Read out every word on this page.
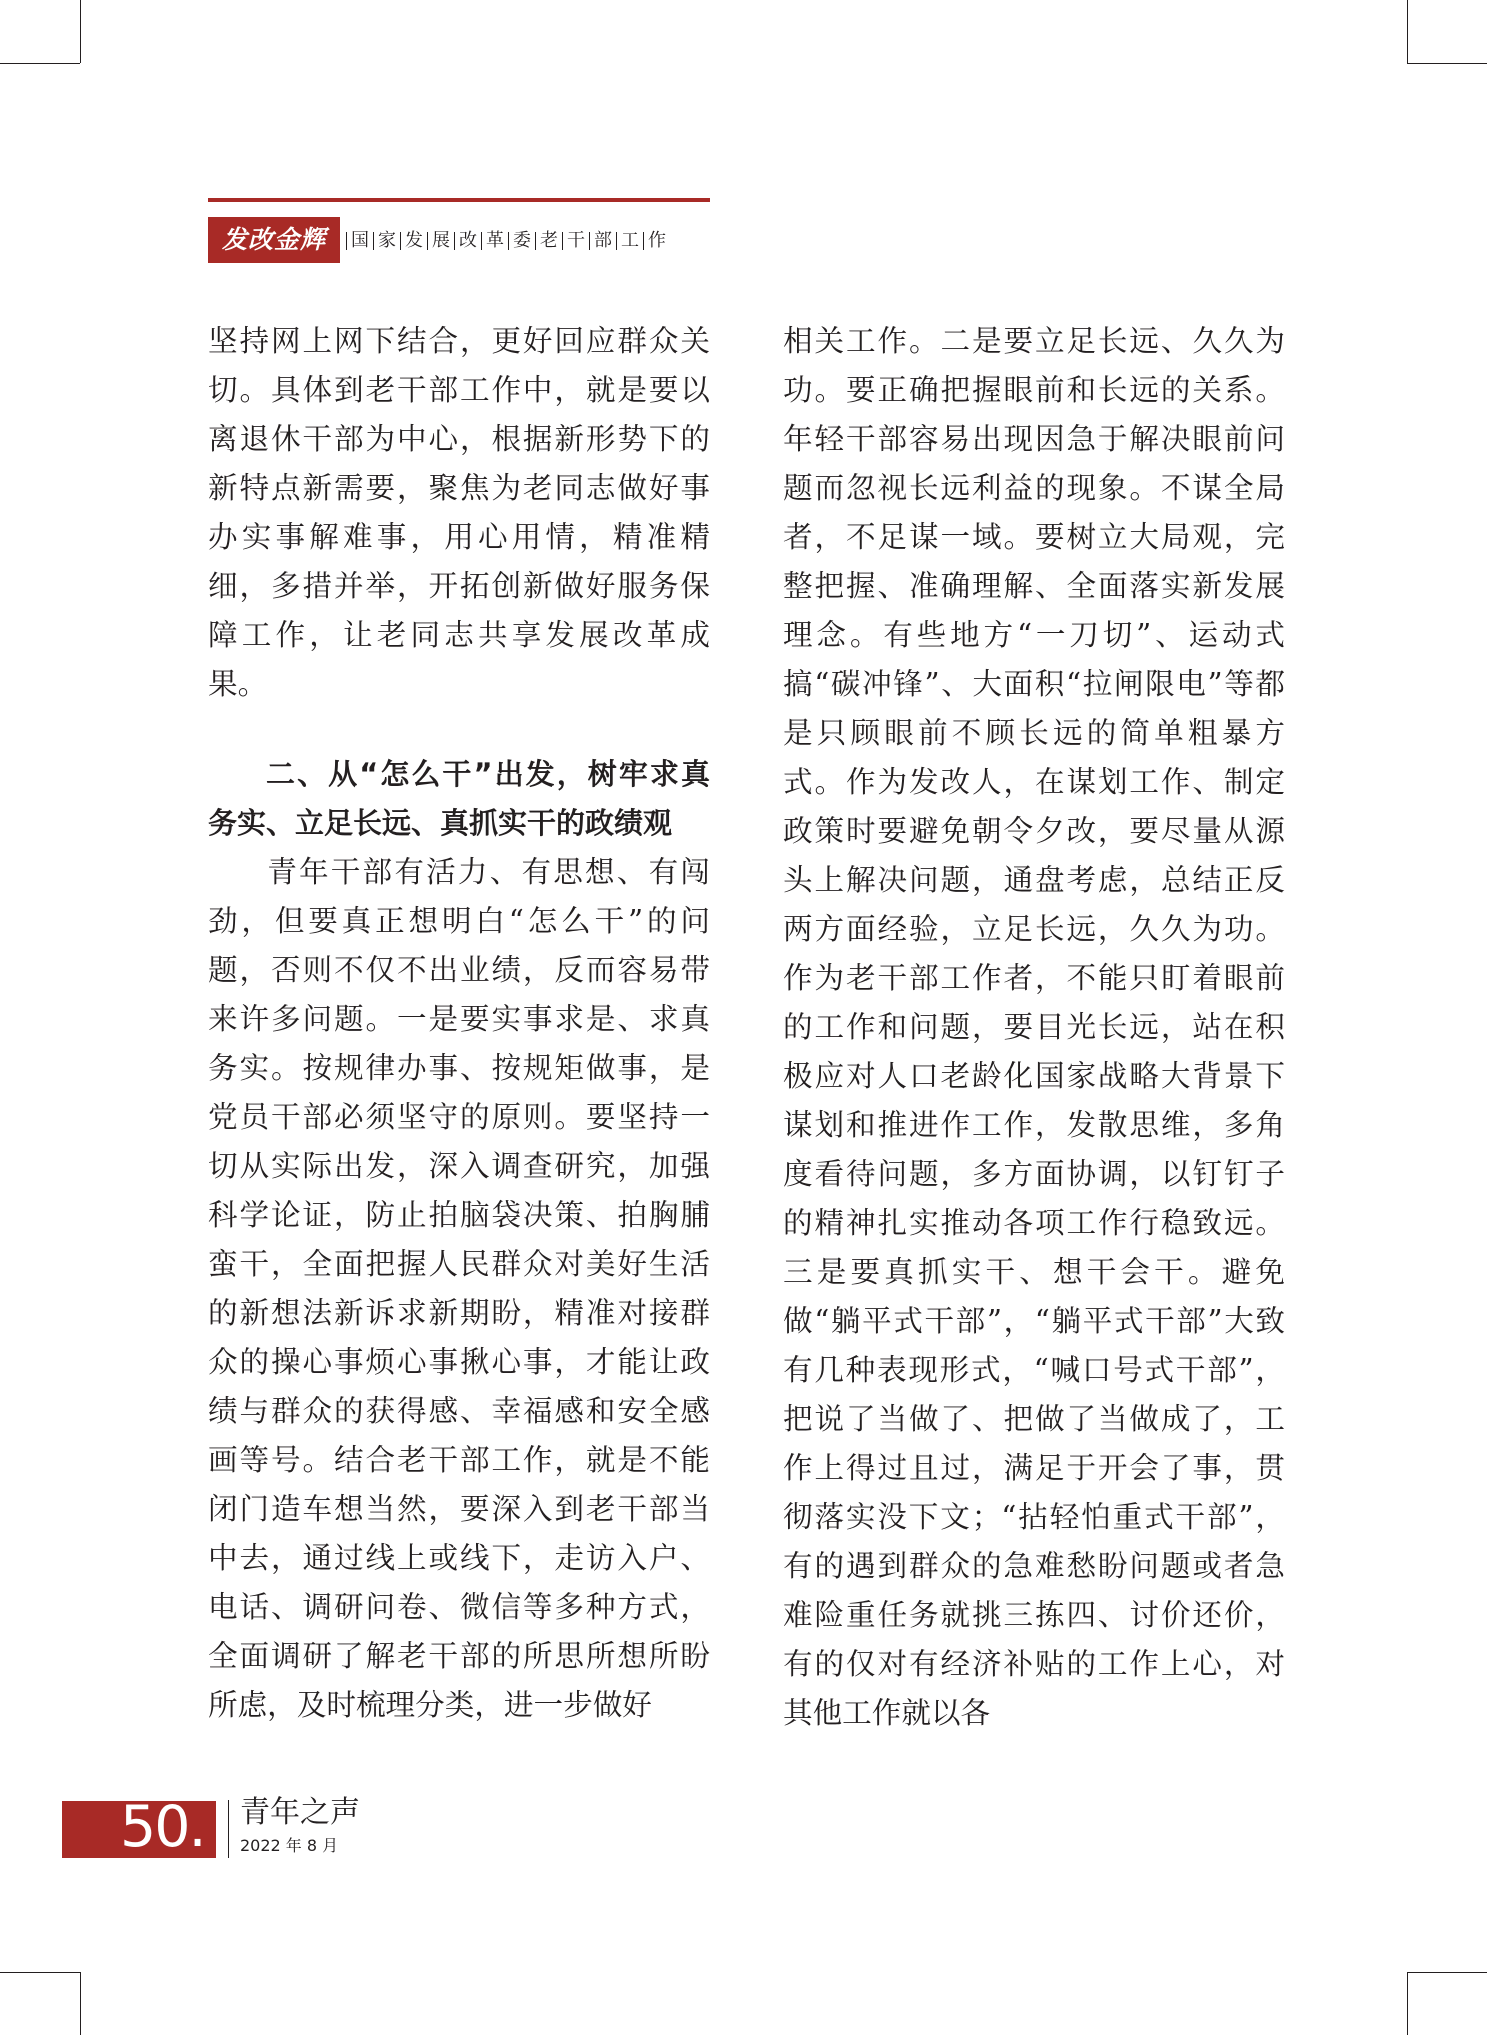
发改金辉	国 家 发 展 改 革 委 老 干 部 工 作

坚持网上网下结合，更好回应群众关切。具体到老干部工作中，就是要以离退休干部为中心，根据新形势下的新特点新需要，聚焦为老同志做好事办实事解难事，用心用情，精准精细，多措并举，开拓创新做好服务保障工作，让老同志共享发展改革成果。

二、从“怎么干”出发，树牢求真务实、立足长远、真抓实干的政绩观

青年干部有活力、有思想、有闯劲，但要真正想明白“怎么干”的问题，否则不仅不出业绩，反而容易带来许多问题。一是要实事求是、求真务实。按规律办事、按规矩做事，是党员干部必须坚守的原则。要坚持一切从实际出发，深入调查研究，加强科学论证，防止拍脑袋决策、拍胸脯蛮干，全面把握人民群众对美好生活的新想法新诉求新期盼，精准对接群众的操心事烦心事揪心事，才能让政绩与群众的获得感、幸福感和安全感画等号。结合老干部工作，就是不能闭门造车想当然，要深入到老干部当中去，通过线上或线下，走访入户、电话、调研问卷、微信等多种方式，全面调研了解老干部的所思所想所盼所虑，及时梳理分类，进一步做好

相关工作。二是要立足长远、久久为功。要正确把握眼前和长远的关系。年轻干部容易出现因急于解决眼前问题而忽视长远利益的现象。不谋全局者，不足谋一域。要树立大局观，完整把握、准确理解、全面落实新发展理念。有些地方“一刀切”、运动式搞“碳冲锋”、大面积“拉闸限电”等都是只顾眼前不顾长远的简单粗暴方式。作为发改人，在谋划工作、制定政策时要避免朝令夕改，要尽量从源头上解决问题，通盘考虑，总结正反两方面经验，立足长远，久久为功。作为老干部工作者，不能只盯着眼前的工作和问题，要目光长远，站在积极应对人口老龄化国家战略大背景下谋划和推进作工作，发散思维，多角度看待问题，多方面协调，以钉钉子的精神扎实推动各项工作行稳致远。三是要真抓实干、想干会干。避免做“躺平式干部”，“躺平式干部”大致有几种表现形式，“喊口号式干部”，把说了当做了、把做了当做成了，工作上得过且过，满足于开会了事，贯彻落实没下文；“拈轻怕重式干部”，有的遇到群众的急难愁盼问题或者急难险重任务就挑三拣四、讨价还价，有的仅对有经济补贴的工作上心，对其他工作就以各

50. 青年之声
2022 年 8 月
